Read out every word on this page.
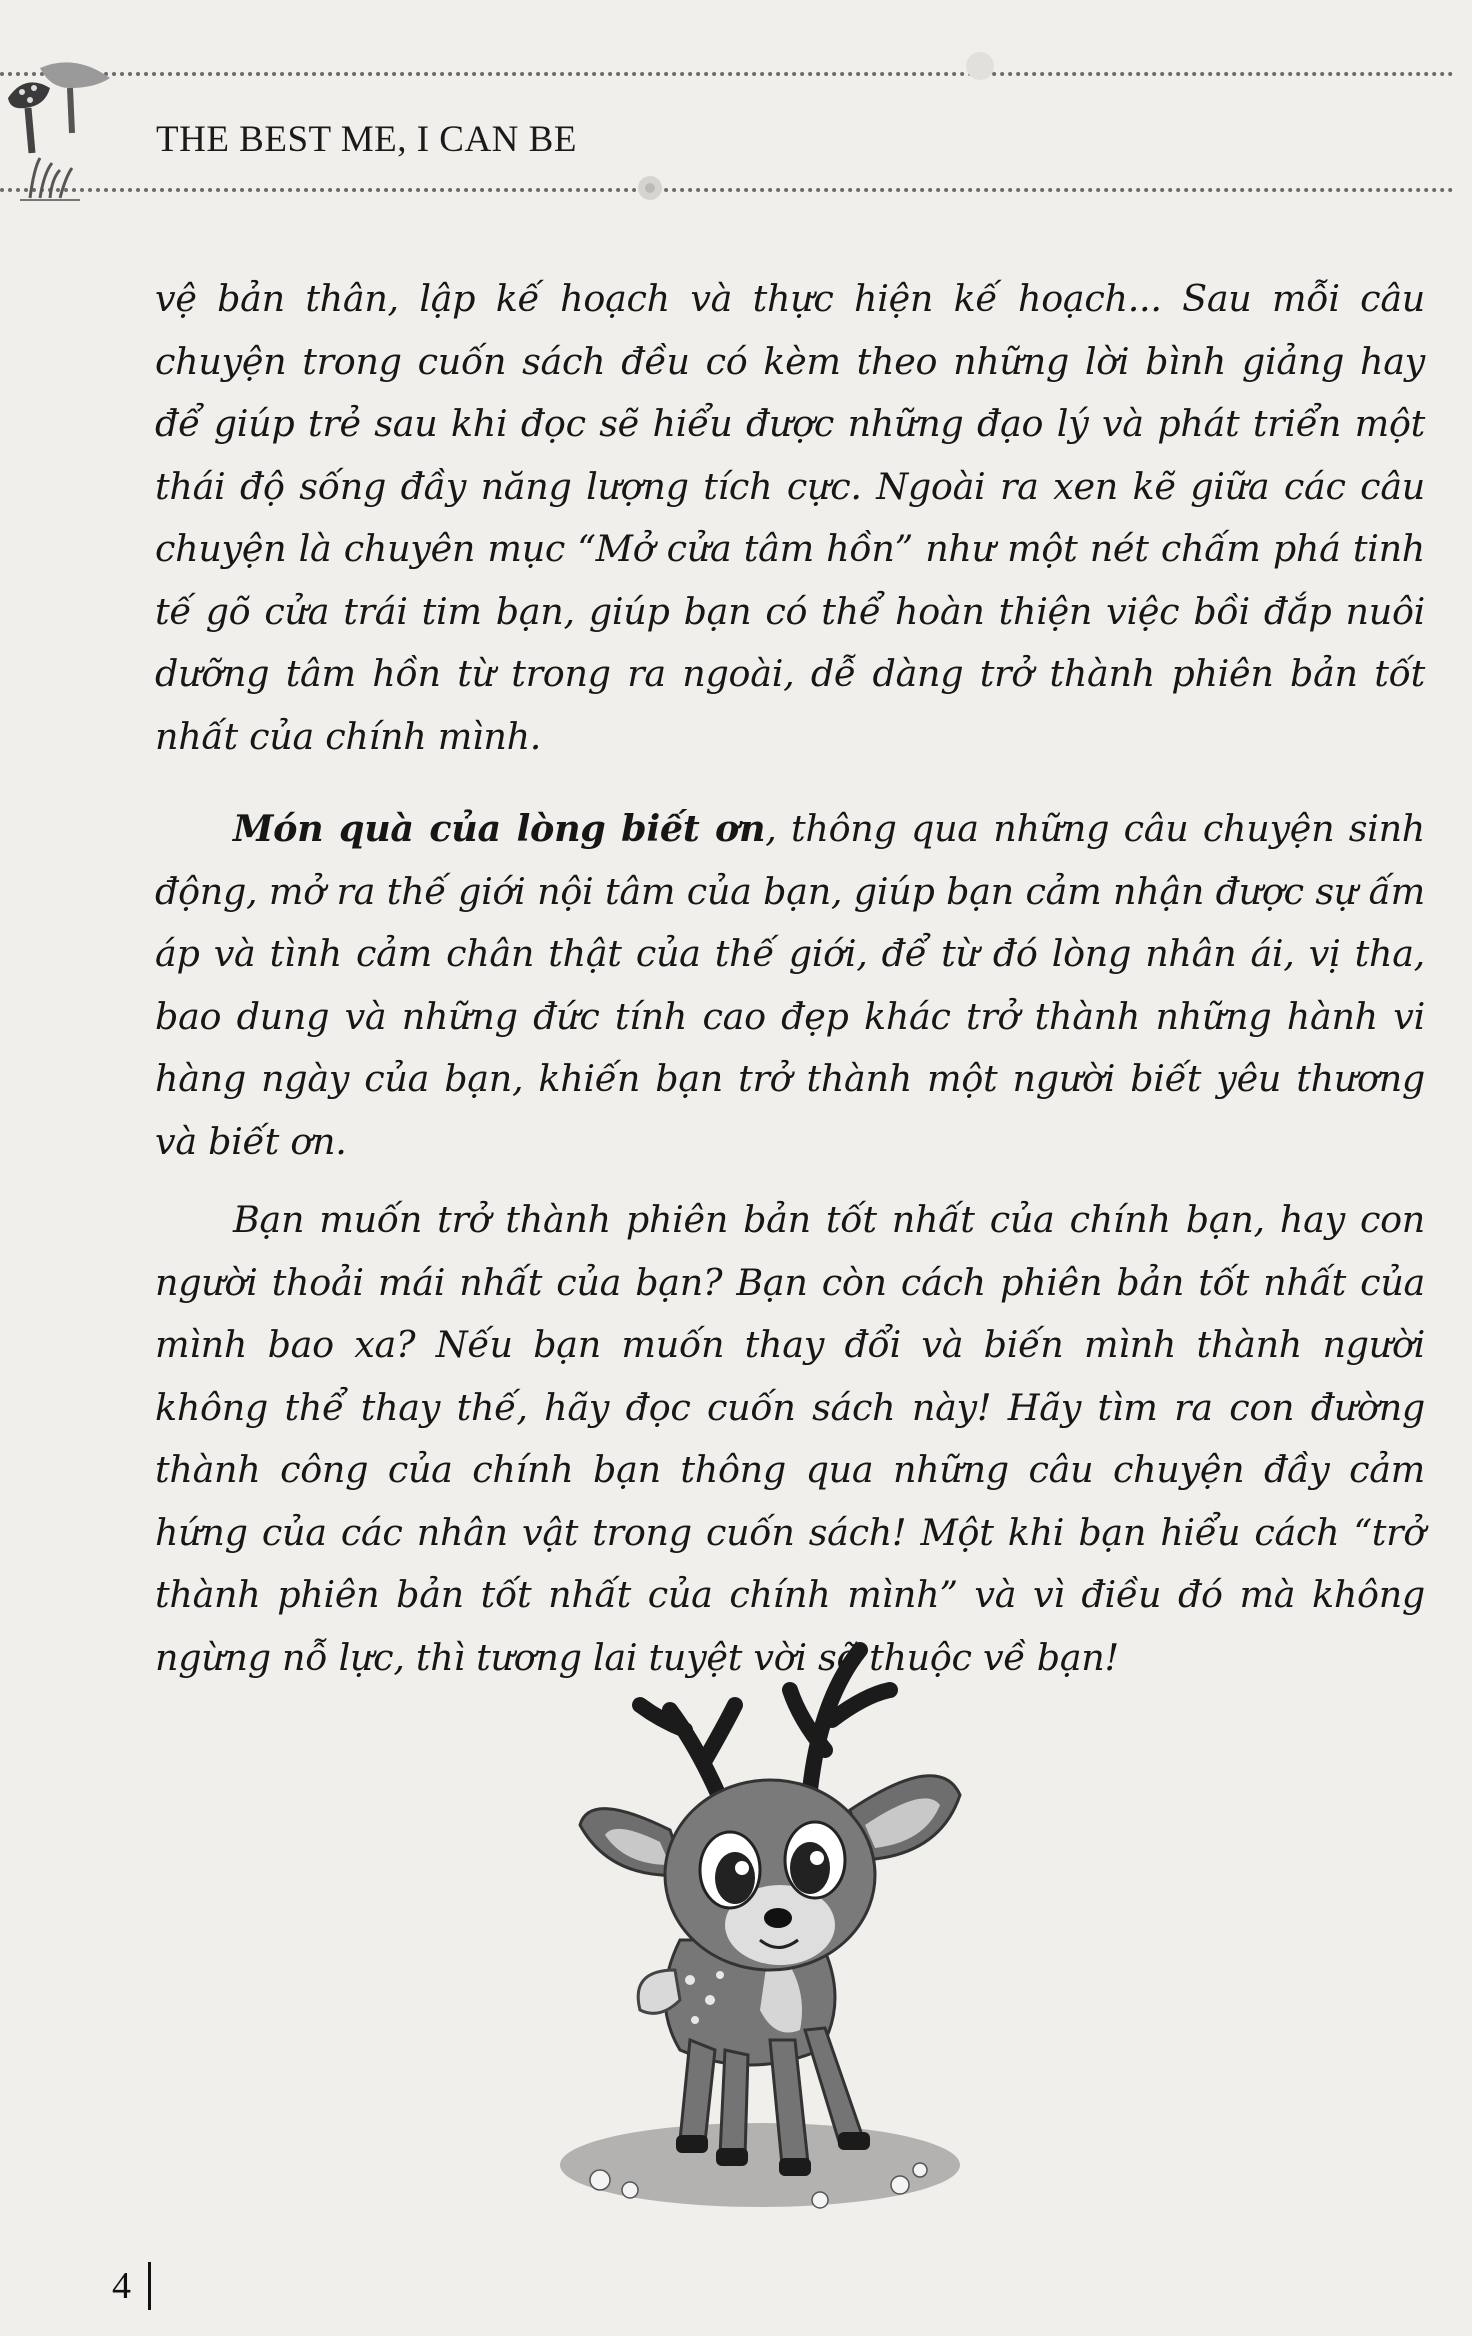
THE BEST ME, I CAN BE

vệ bản thân, lập kế hoạch và thực hiện kế hoạch... Sau mỗi câu chuyện trong cuốn sách đều có kèm theo những lời bình giảng hay để giúp trẻ sau khi đọc sẽ hiểu được những đạo lý và phát triển một thái độ sống đầy năng lượng tích cực. Ngoài ra xen kẽ giữa các câu chuyện là chuyên mục “Mở cửa tâm hồn” như một nét chấm phá tinh tế gõ cửa trái tim bạn, giúp bạn có thể hoàn thiện việc bồi đắp nuôi dưỡng tâm hồn từ trong ra ngoài, dễ dàng trở thành phiên bản tốt nhất của chính mình.

Món quà của lòng biết ơn, thông qua những câu chuyện sinh động, mở ra thế giới nội tâm của bạn, giúp bạn cảm nhận được sự ấm áp và tình cảm chân thật của thế giới, để từ đó lòng nhân ái, vị tha, bao dung và những đức tính cao đẹp khác trở thành những hành vi hàng ngày của bạn, khiến bạn trở thành một người biết yêu thương và biết ơn.

Bạn muốn trở thành phiên bản tốt nhất của chính bạn, hay con người thoải mái nhất của bạn? Bạn còn cách phiên bản tốt nhất của mình bao xa? Nếu bạn muốn thay đổi và biến mình thành người không thể thay thế, hãy đọc cuốn sách này! Hãy tìm ra con đường thành công của chính bạn thông qua những câu chuyện đầy cảm hứng của các nhân vật trong cuốn sách! Một khi bạn hiểu cách “trở thành phiên bản tốt nhất của chính mình” và vì điều đó mà không ngừng nỗ lực, thì tương lai tuyệt vời sẽ thuộc về bạn!

4
